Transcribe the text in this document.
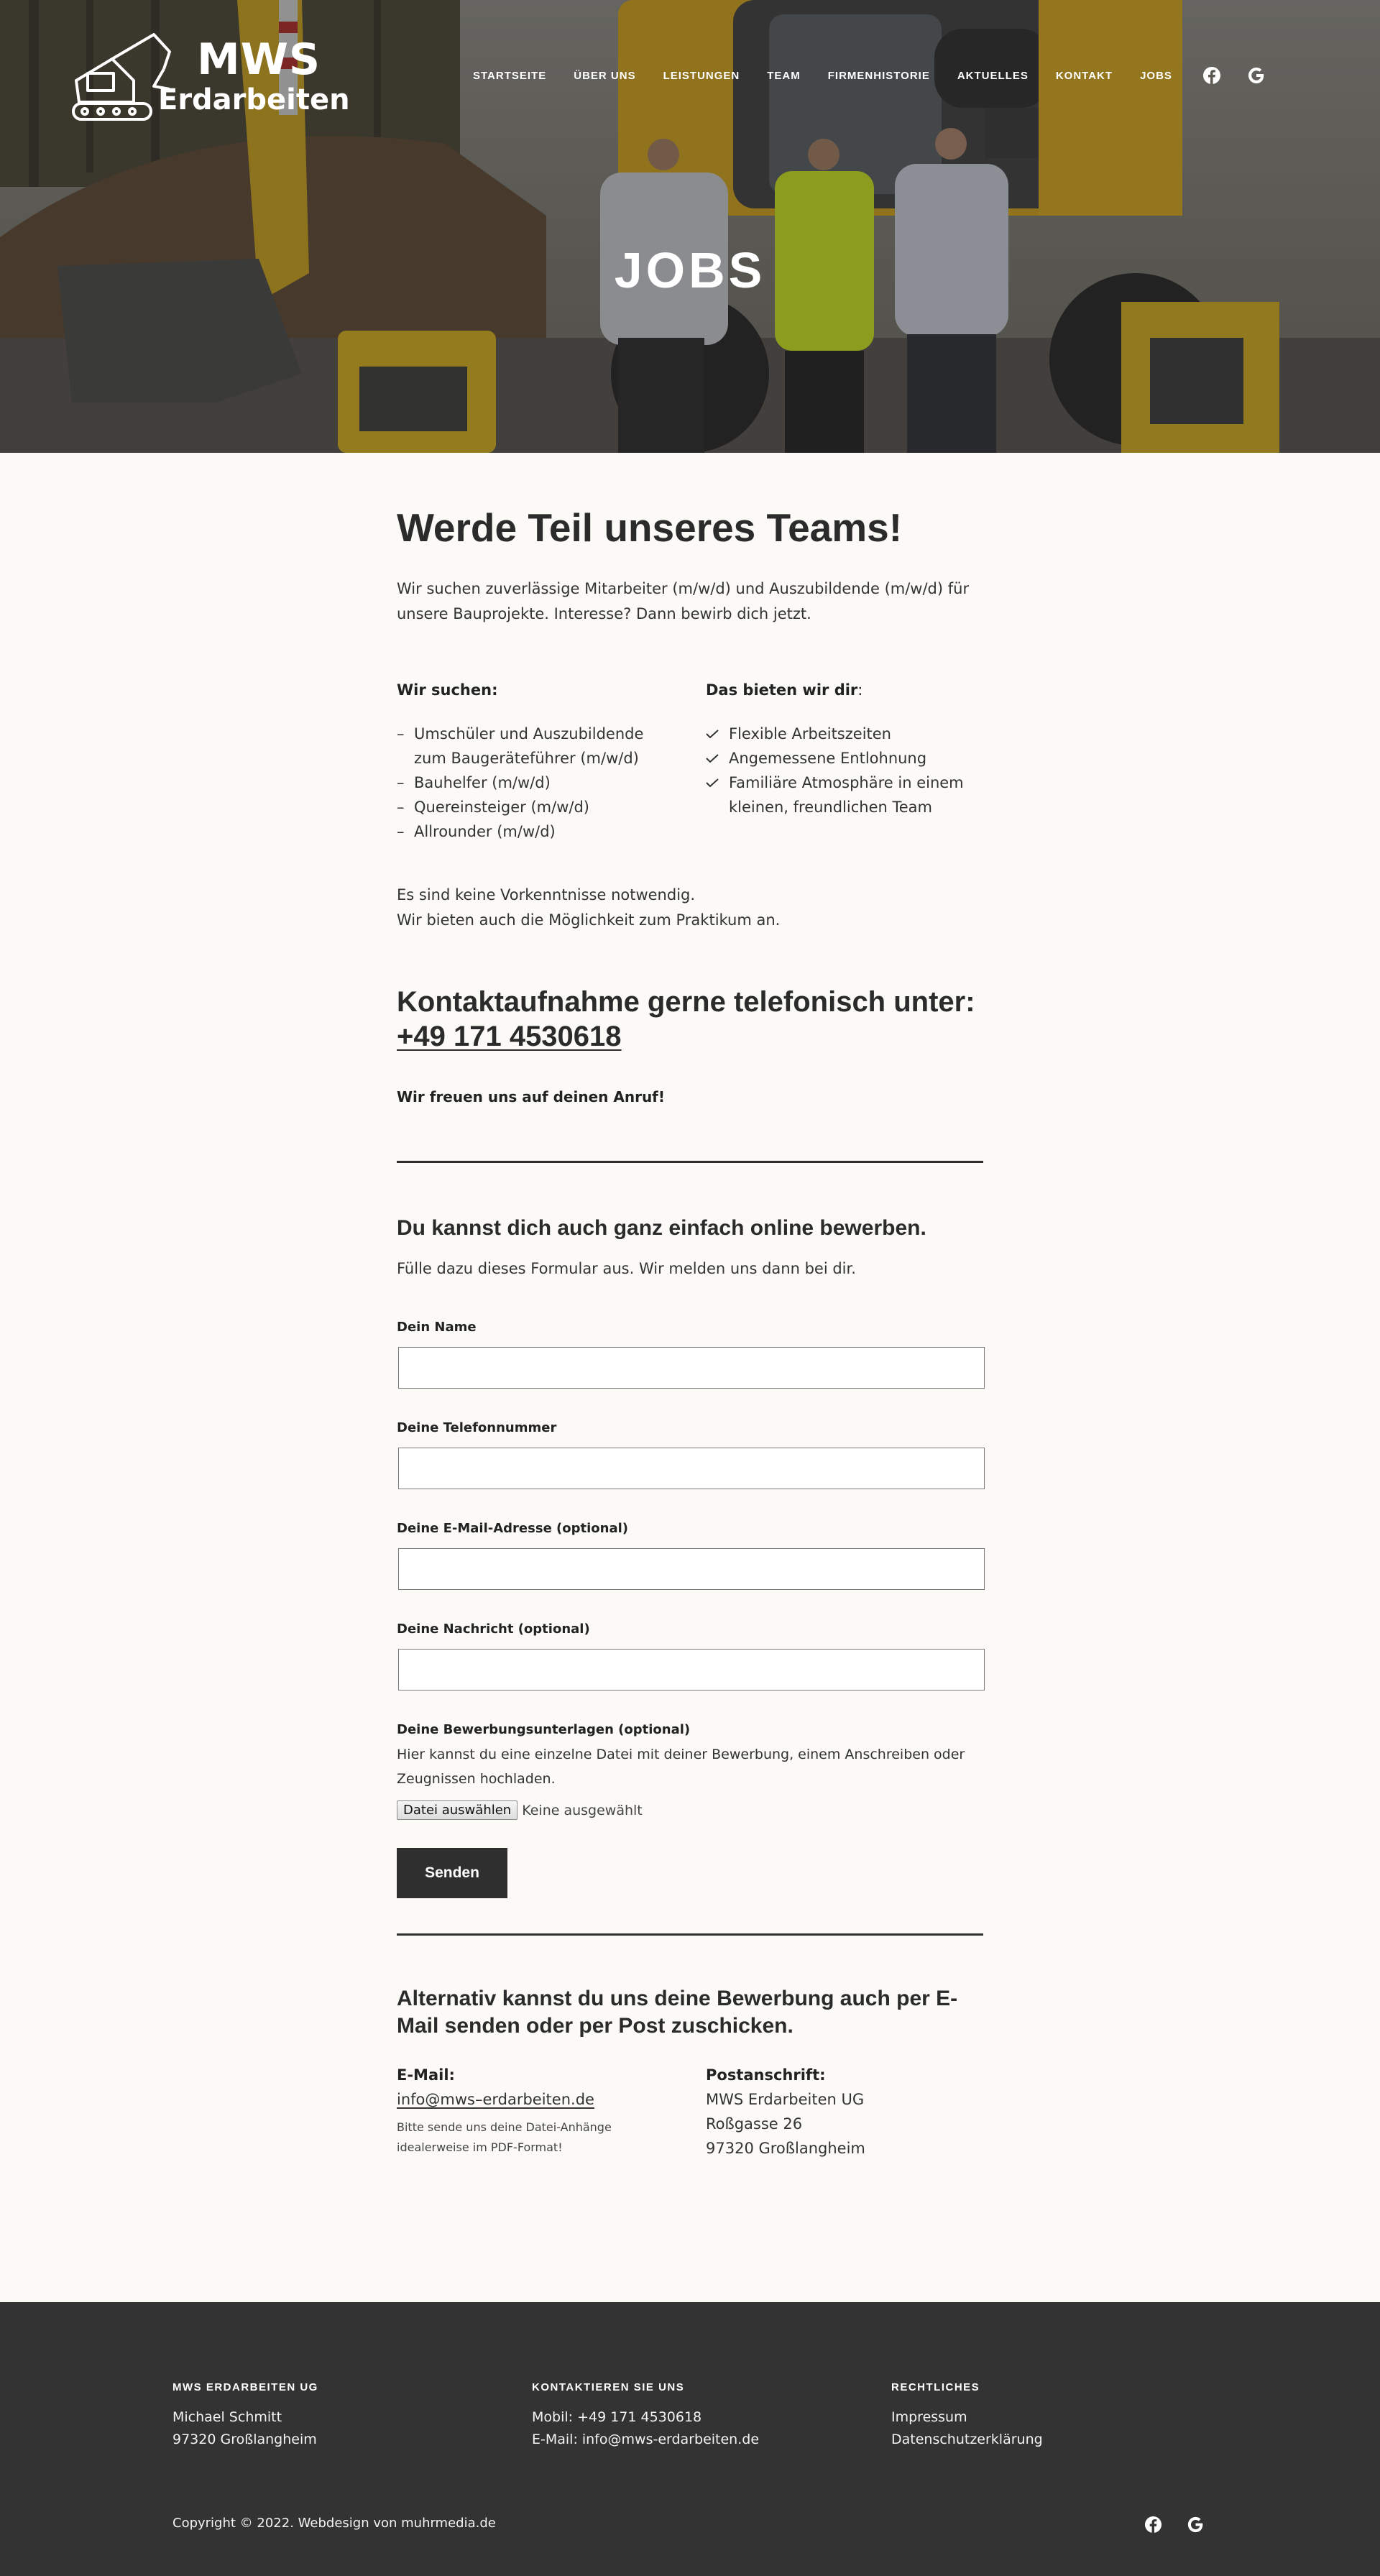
MWS
Erdarbeiten
STARTSEITE	ÜBER UNS	LEISTUNGEN	TEAM	FIRMENHISTORIE	AKTUELLES	KONTAKT	JOBS
JOBS
Werde Teil unseres Teams!
Wir suchen zuverlässige Mitarbeiter (m/w/d) und Auszubildende (m/w/d) für
unsere Bauprojekte. Interesse? Dann bewirb dich jetzt.
Wir suchen:
– Umschüler und Auszubildende
zum Baugeräteführer (m/w/d)
– Bauhelfer (m/w/d)
– Quereinsteiger (m/w/d)
– Allrounder (m/w/d)
Das bieten wir dir:
Flexible Arbeitszeiten
Angemessene Entlohnung
Familiäre Atmosphäre in einem
kleinen, freundlichen Team
Es sind keine Vorkenntnisse notwendig.
Wir bieten auch die Möglichkeit zum Praktikum an.
Kontaktaufnahme gerne telefonisch unter:
+49 171 4530618
Wir freuen uns auf deinen Anruf!
Du kannst dich auch ganz einfach online bewerben.
Fülle dazu dieses Formular aus. Wir melden uns dann bei dir.
Dein Name
Deine Telefonnummer
Deine E-Mail-Adresse (optional)
Deine Nachricht (optional)
Deine Bewerbungsunterlagen (optional)
Hier kannst du eine einzelne Datei mit deiner Bewerbung, einem Anschreiben oder
Zeugnissen hochladen.
Datei auswählen Keine ausgewählt
Senden
Alternativ kannst du uns deine Bewerbung auch per E-Mail senden oder per Post zuschicken.
E-Mail:
info@mws–erdarbeiten.de
Bitte sende uns deine Datei-Anhänge
idealerweise im PDF-Format!
Postanschrift:
MWS Erdarbeiten UG
Roßgasse 26
97320 Großlangheim
MWS ERDARBEITEN UG
Michael Schmitt
97320 Großlangheim
KONTAKTIEREN SIE UNS
Mobil: +49 171 4530618
E-Mail: info@mws-erdarbeiten.de
RECHTLICHES
Impressum
Datenschutzerklärung
Copyright © 2022. Webdesign von muhrmedia.de
